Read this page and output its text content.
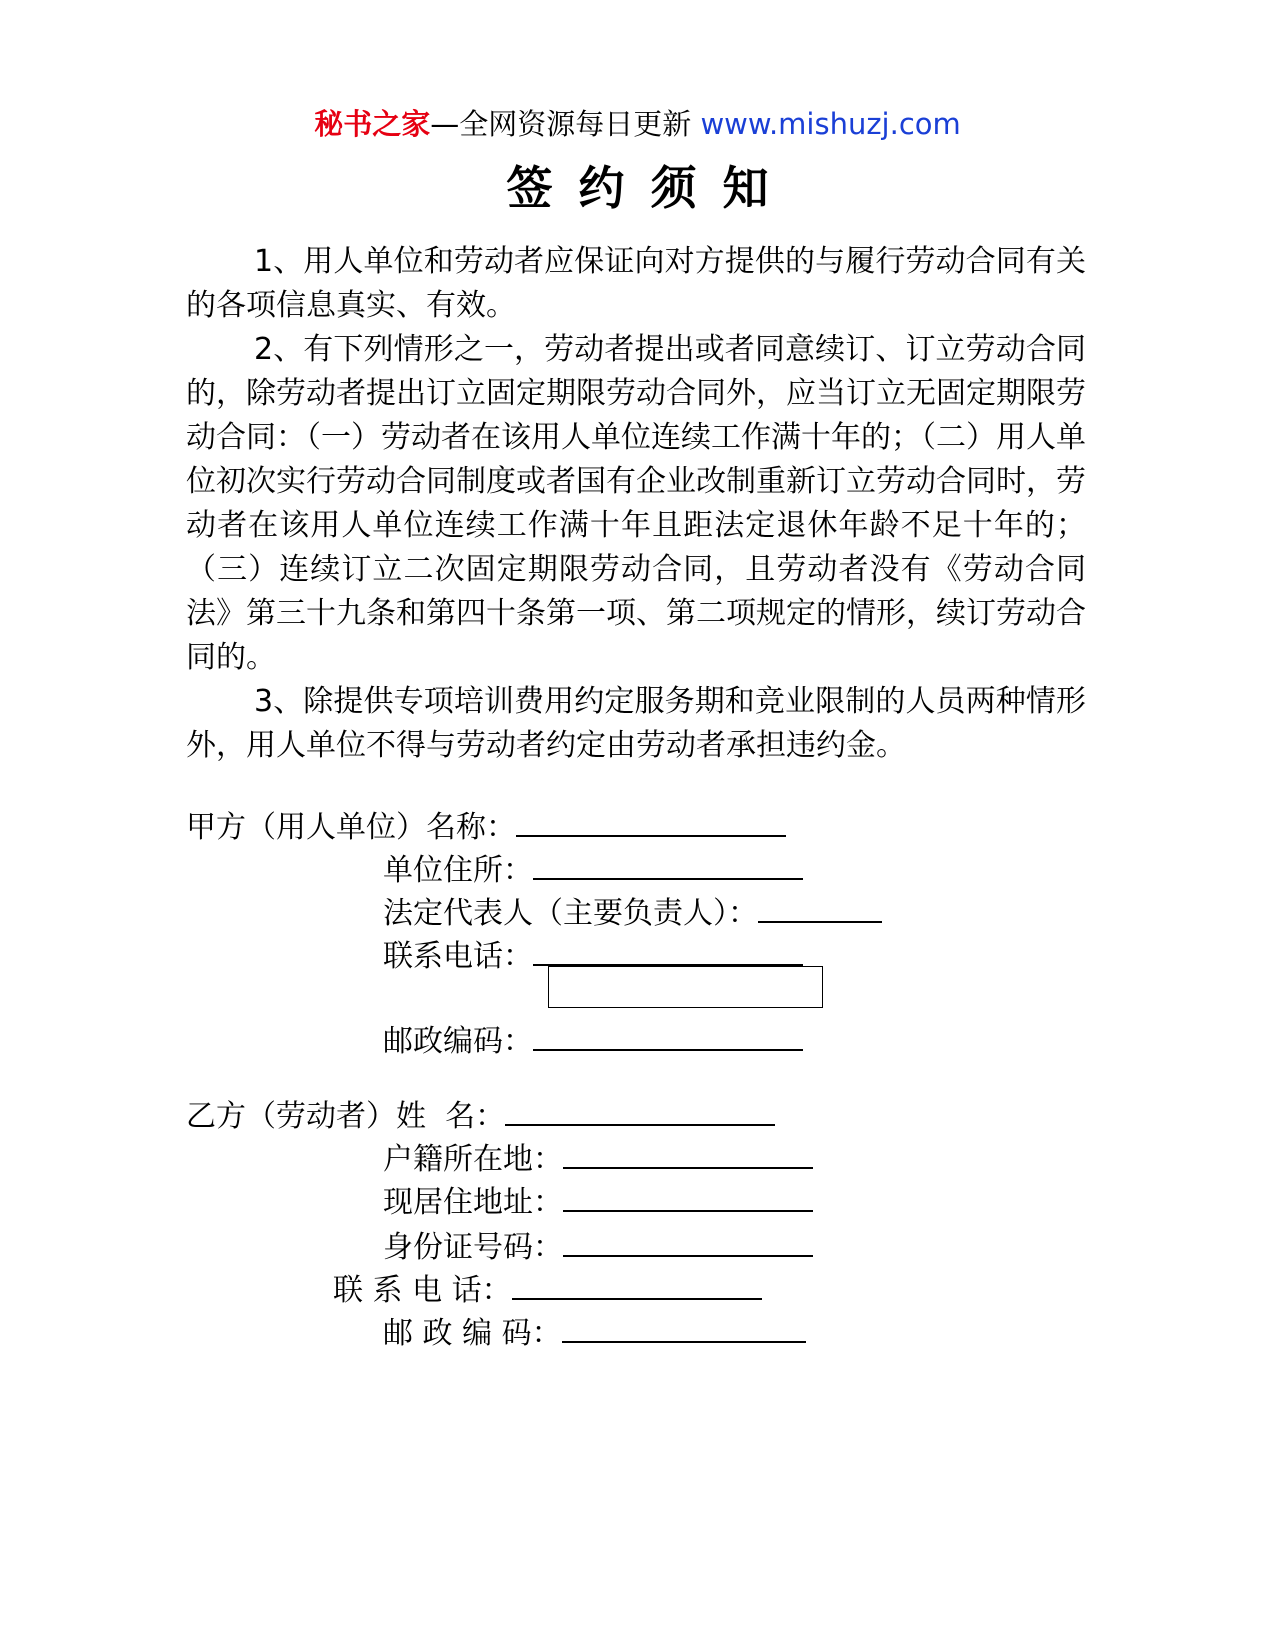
秘书之家—全网资源每日更新 www.mishuzj.com
签约须知

1、用人单位和劳动者应保证向对方提供的与履行劳动合同有关的各项信息真实、有效。

2、有下列情形之一，劳动者提出或者同意续订、订立劳动合同的，除劳动者提出订立固定期限劳动合同外，应当订立无固定期限劳动合同：（一）劳动者在该用人单位连续工作满十年的；（二）用人单位初次实行劳动合同制度或者国有企业改制重新订立劳动合同时，劳动者在该用人单位连续工作满十年且距法定退休年龄不足十年的；（三）连续订立二次固定期限劳动合同，且劳动者没有《劳动合同法》第三十九条和第四十条第一项、第二项规定的情形，续订劳动合同的。

3、除提供专项培训费用约定服务期和竞业限制的人员两种情形外，用人单位不得与劳动者约定由劳动者承担违约金。

甲方（用人单位）名称：
单位住所：
法定代表人（主要负责人）：
联系电话：
邮政编码：
乙方（劳动者）姓  名：
户籍所在地：
现居住地址：
身份证号码：
联 系 电 话：
邮 政 编 码：
